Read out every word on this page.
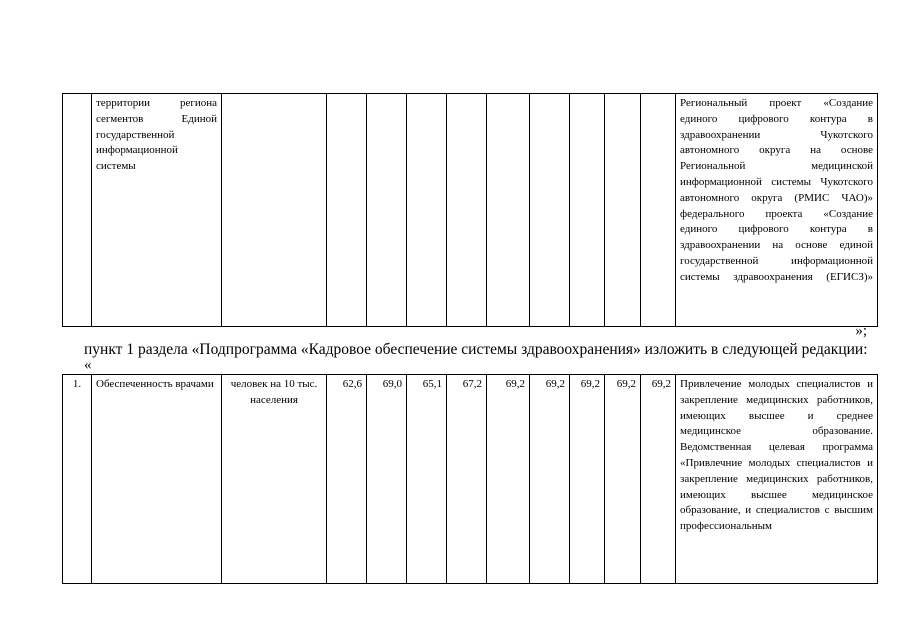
	территории региона сегментов Единой государственной информационной системы											Региональный проект «Создание единого цифрового контура в здравоохранении Чукотского автономного округа на основе Региональной медицинской информационной системы Чукотского автономного округа (РМИС ЧАО)» федерального проекта «Создание единого цифрового контура в здравоохранении на основе единой государственной информационной системы здравоохранения (ЕГИСЗ)»
»;
пункт 1 раздела «Подпрограмма «Кадровое обеспечение системы здравоохранения» изложить в следующей редакции:
«
1.	Обеспеченность врачами	человек на 10 тыс. населения	62,6	69,0	65,1	67,2	69,2	69,2	69,2	69,2	69,2	Привлечение молодых специалистов и закрепление медицинских работников, имеющих высшее и среднее медицинское образование. Ведомственная целевая программа «Привлечние молодых специалистов и закрепление медицинских работников, имеющих высшее медицинское образование, и специалистов с высшим профессиональным
